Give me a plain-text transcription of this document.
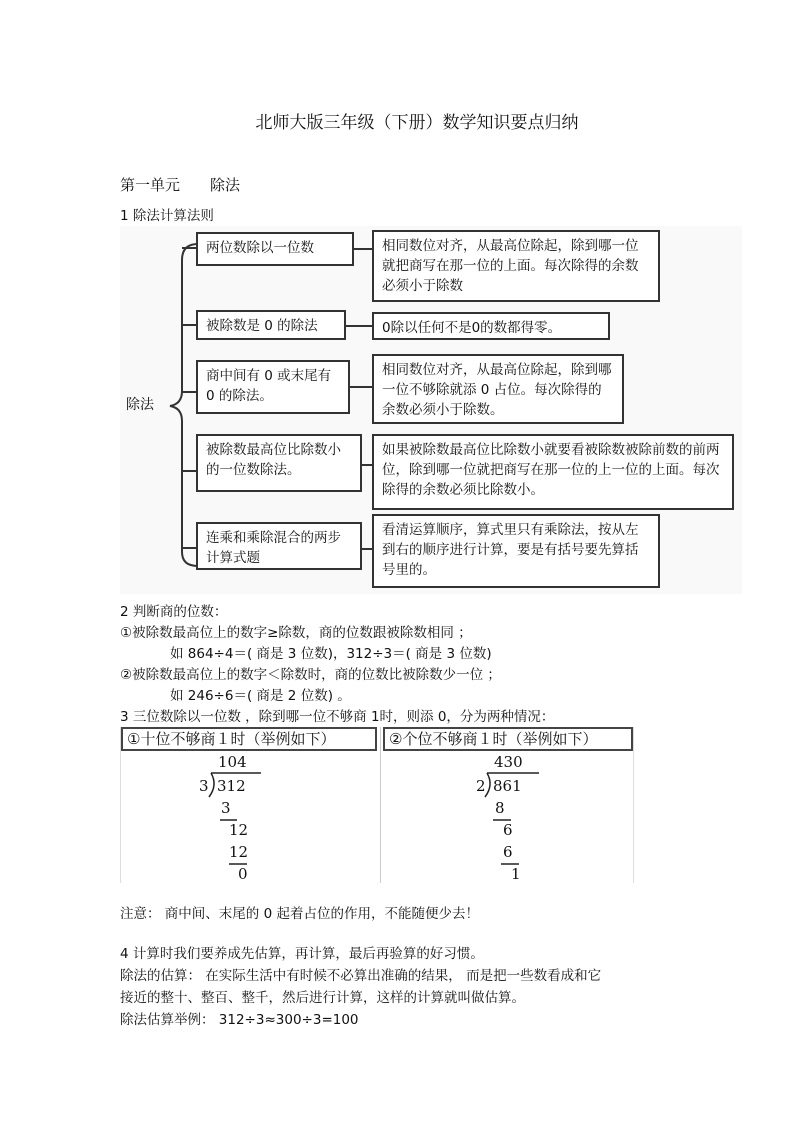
北师大版三年级（下册）数学知识要点归纳
第一单元 除法
1 除法计算法则
除法
两位数除以一位数	相同数位对齐，从最高位除起，除到哪一位就把商写在那一位的上面。每次除得的余数必须小于除数
被除数是 0 的除法	0除以任何不是0的数都得零。
商中间有 0 或末尾有 0 的除法。
相同数位对齐，从最高位除起，除到哪一位不够除就添 0 占位。每次除得的余数必须小于除数。
被除数最高位比除数小的一位数除法。
如果被除数最高位比除数小就要看被除数被除前数的前两位，除到哪一位就把商写在那一位的上一位的上面。每次除得的余数必须比除数小。
连乘和乘除混合的两步计算式题
看清运算顺序，算式里只有乘除法，按从左到右的顺序进行计算，要是有括号要先算括号里的。
2 判断商的位数：
①被除数最高位上的数字≥除数，商的位数跟被除数相同 ；
如 864÷4＝( 商是 3 位数)，312÷3＝( 商是 3 位数)
②被除数最高位上的数字＜除数时，商的位数比被除数少一位 ；
如 246÷6＝( 商是 2 位数) 。
3 三位数除以一位数 ，除到哪一位不够商 1时，则添 0，分为两种情况：
①十位不够商１时（举例如下）
104
3 312
3
12
12
0
②个位不够商１时（举例如下）
430
2 861
8
6
6
1
注意： 商中间、末尾的 0 起着占位的作用，不能随便少去！
4 计算时我们要养成先估算，再计算，最后再验算的好习惯。
除法的估算： 在实际生活中有时候不必算出准确的结果， 而是把一些数看成和它
接近的整十、整百、整千，然后进行计算，这样的计算就叫做估算。
除法估算举例： 312÷3≈300÷3=100
